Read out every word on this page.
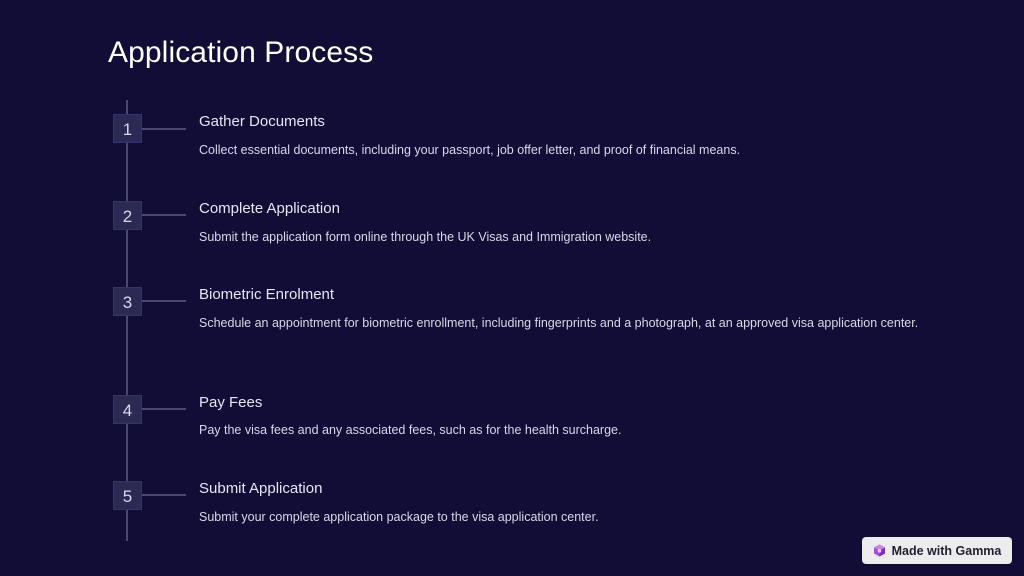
Application Process
1	Gather Documents

Collect essential documents, including your passport, job offer letter, and proof of financial means.

2	Complete Application

Submit the application form online through the UK Visas and Immigration website.

3	Biometric Enrolment

Schedule an appointment for biometric enrollment, including fingerprints and a photograph, at an approved visa application center.

4	Pay Fees

Pay the visa fees and any associated fees, such as for the health surcharge.

5	Submit Application

Submit your complete application package to the visa application center.

Made with Gamma
